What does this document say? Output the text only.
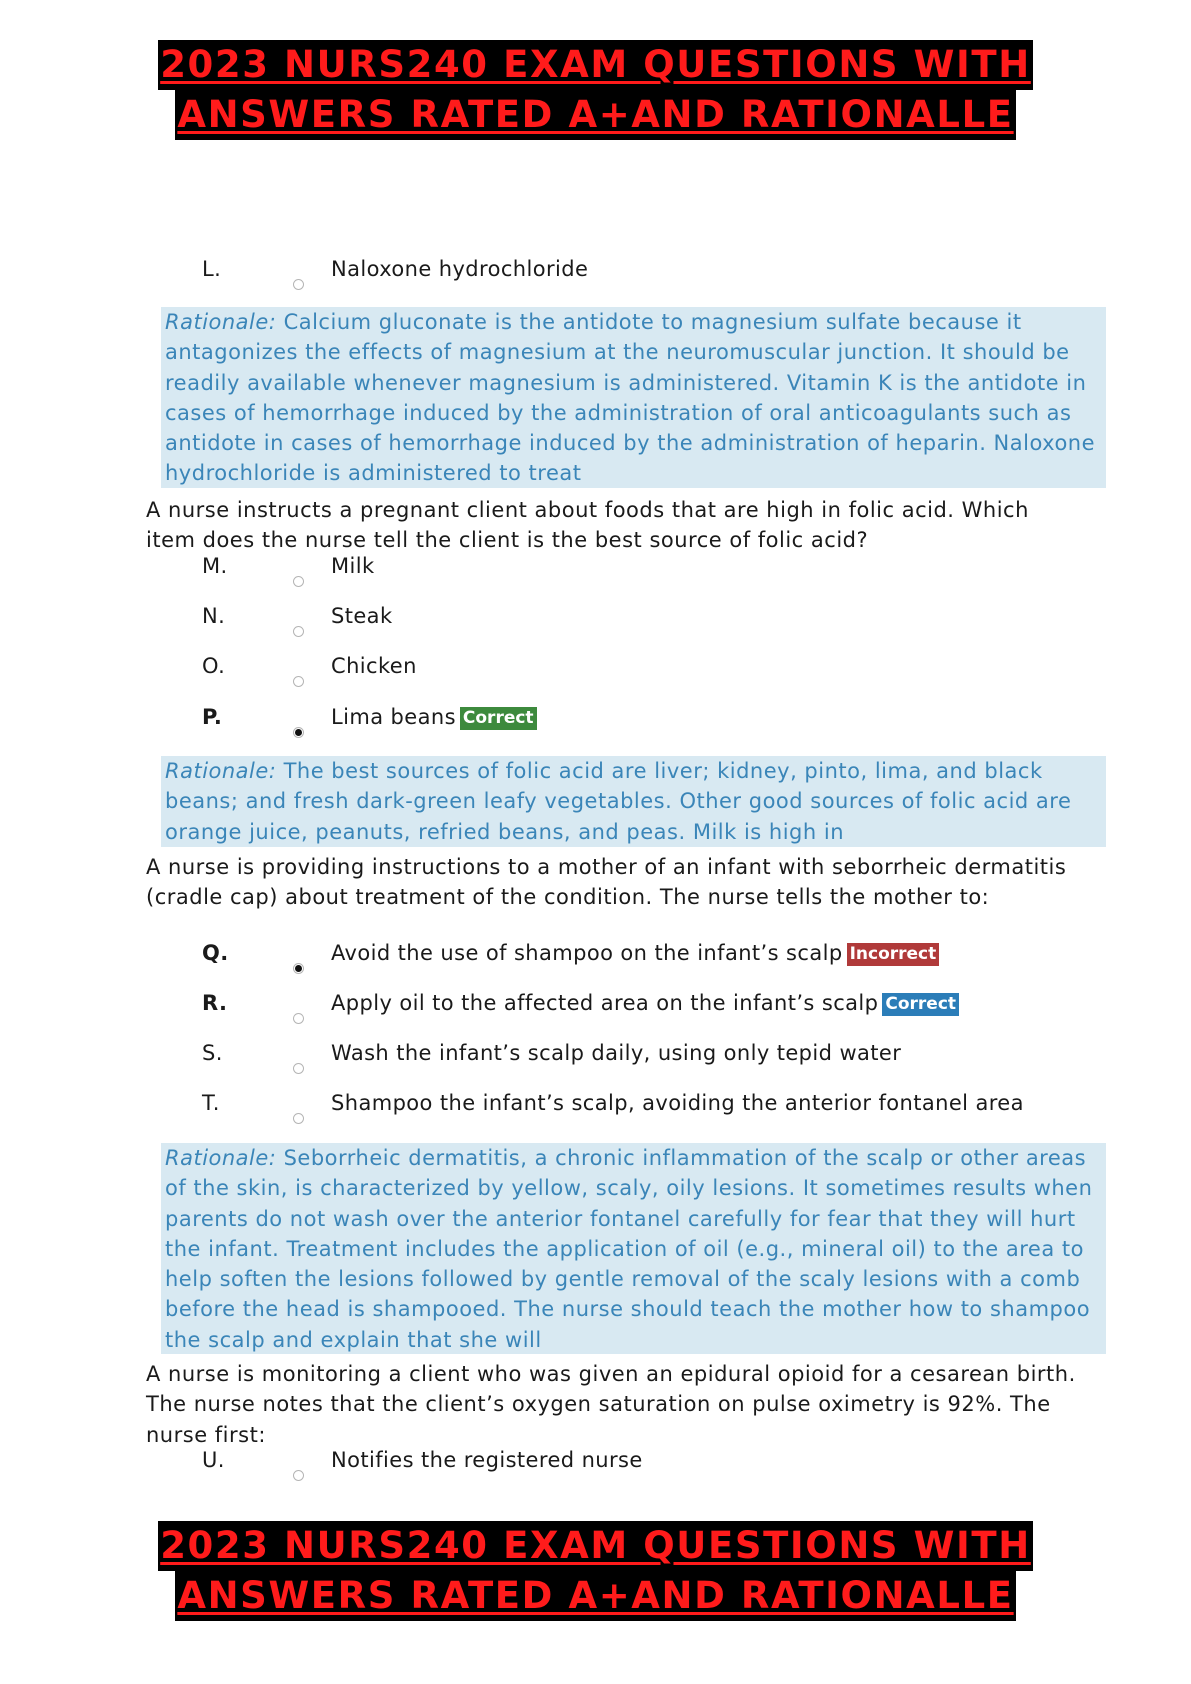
2023 NURS240 EXAM QUESTIONS WITH
ANSWERS RATED A+AND RATIONALLE
L.	Naloxone hydrochloride
Rationale: Calcium gluconate is the antidote to magnesium sulfate because it antagonizes the effects of magnesium at the neuromuscular junction. It should be readily available whenever magnesium is administered. Vitamin K is the antidote in cases of hemorrhage induced by the administration of oral anticoagulants such as antidote in cases of hemorrhage induced by the administration of heparin. Naloxone hydrochloride is administered to treat
A nurse instructs a pregnant client about foods that are high in folic acid. Which item does the nurse tell the client is the best source of folic acid?
M.	Milk
N.	Steak
O.	Chicken
P.	Lima beans Correct
Rationale: The best sources of folic acid are liver; kidney, pinto, lima, and black beans; and fresh dark-green leafy vegetables. Other good sources of folic acid are orange juice, peanuts, refried beans, and peas. Milk is high in
A nurse is providing instructions to a mother of an infant with seborrheic dermatitis (cradle cap) about treatment of the condition. The nurse tells the mother to:
Q.	Avoid the use of shampoo on the infant’s scalp Incorrect
R.	Apply oil to the affected area on the infant’s scalp Correct
S.	Wash the infant’s scalp daily, using only tepid water
T.	Shampoo the infant’s scalp, avoiding the anterior fontanel area
Rationale: Seborrheic dermatitis, a chronic inflammation of the scalp or other areas of the skin, is characterized by yellow, scaly, oily lesions. It sometimes results when parents do not wash over the anterior fontanel carefully for fear that they will hurt the infant. Treatment includes the application of oil (e.g., mineral oil) to the area to help soften the lesions followed by gentle removal of the scaly lesions with a comb before the head is shampooed. The nurse should teach the mother how to shampoo the scalp and explain that she will
A nurse is monitoring a client who was given an epidural opioid for a cesarean birth. The nurse notes that the client’s oxygen saturation on pulse oximetry is 92%. The nurse first:
U.	Notifies the registered nurse
2023 NURS240 EXAM QUESTIONS WITH
ANSWERS RATED A+AND RATIONALLE
